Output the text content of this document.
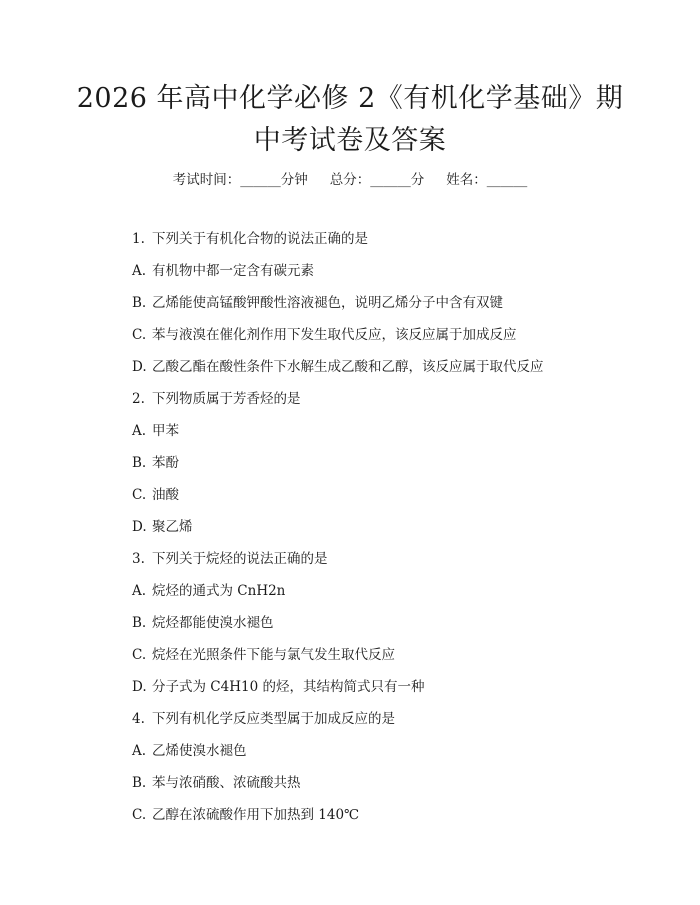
2026 年高中化学必修 2《有机化学基础》期
中考试卷及答案
考试时间：______分钟 总分：______分 姓名：______
1. 下列关于有机化合物的说法正确的是
A. 有机物中都一定含有碳元素
B. 乙烯能使高锰酸钾酸性溶液褪色，说明乙烯分子中含有双键
C. 苯与液溴在催化剂作用下发生取代反应，该反应属于加成反应
D. 乙酸乙酯在酸性条件下水解生成乙酸和乙醇，该反应属于取代反应
2. 下列物质属于芳香烃的是
A. 甲苯
B. 苯酚
C. 油酸
D. 聚乙烯
3. 下列关于烷烃的说法正确的是
A. 烷烃的通式为 CnH2n
B. 烷烃都能使溴水褪色
C. 烷烃在光照条件下能与氯气发生取代反应
D. 分子式为 C4H10 的烃，其结构简式只有一种
4. 下列有机化学反应类型属于加成反应的是
A. 乙烯使溴水褪色
B. 苯与浓硝酸、浓硫酸共热
C. 乙醇在浓硫酸作用下加热到 140℃
